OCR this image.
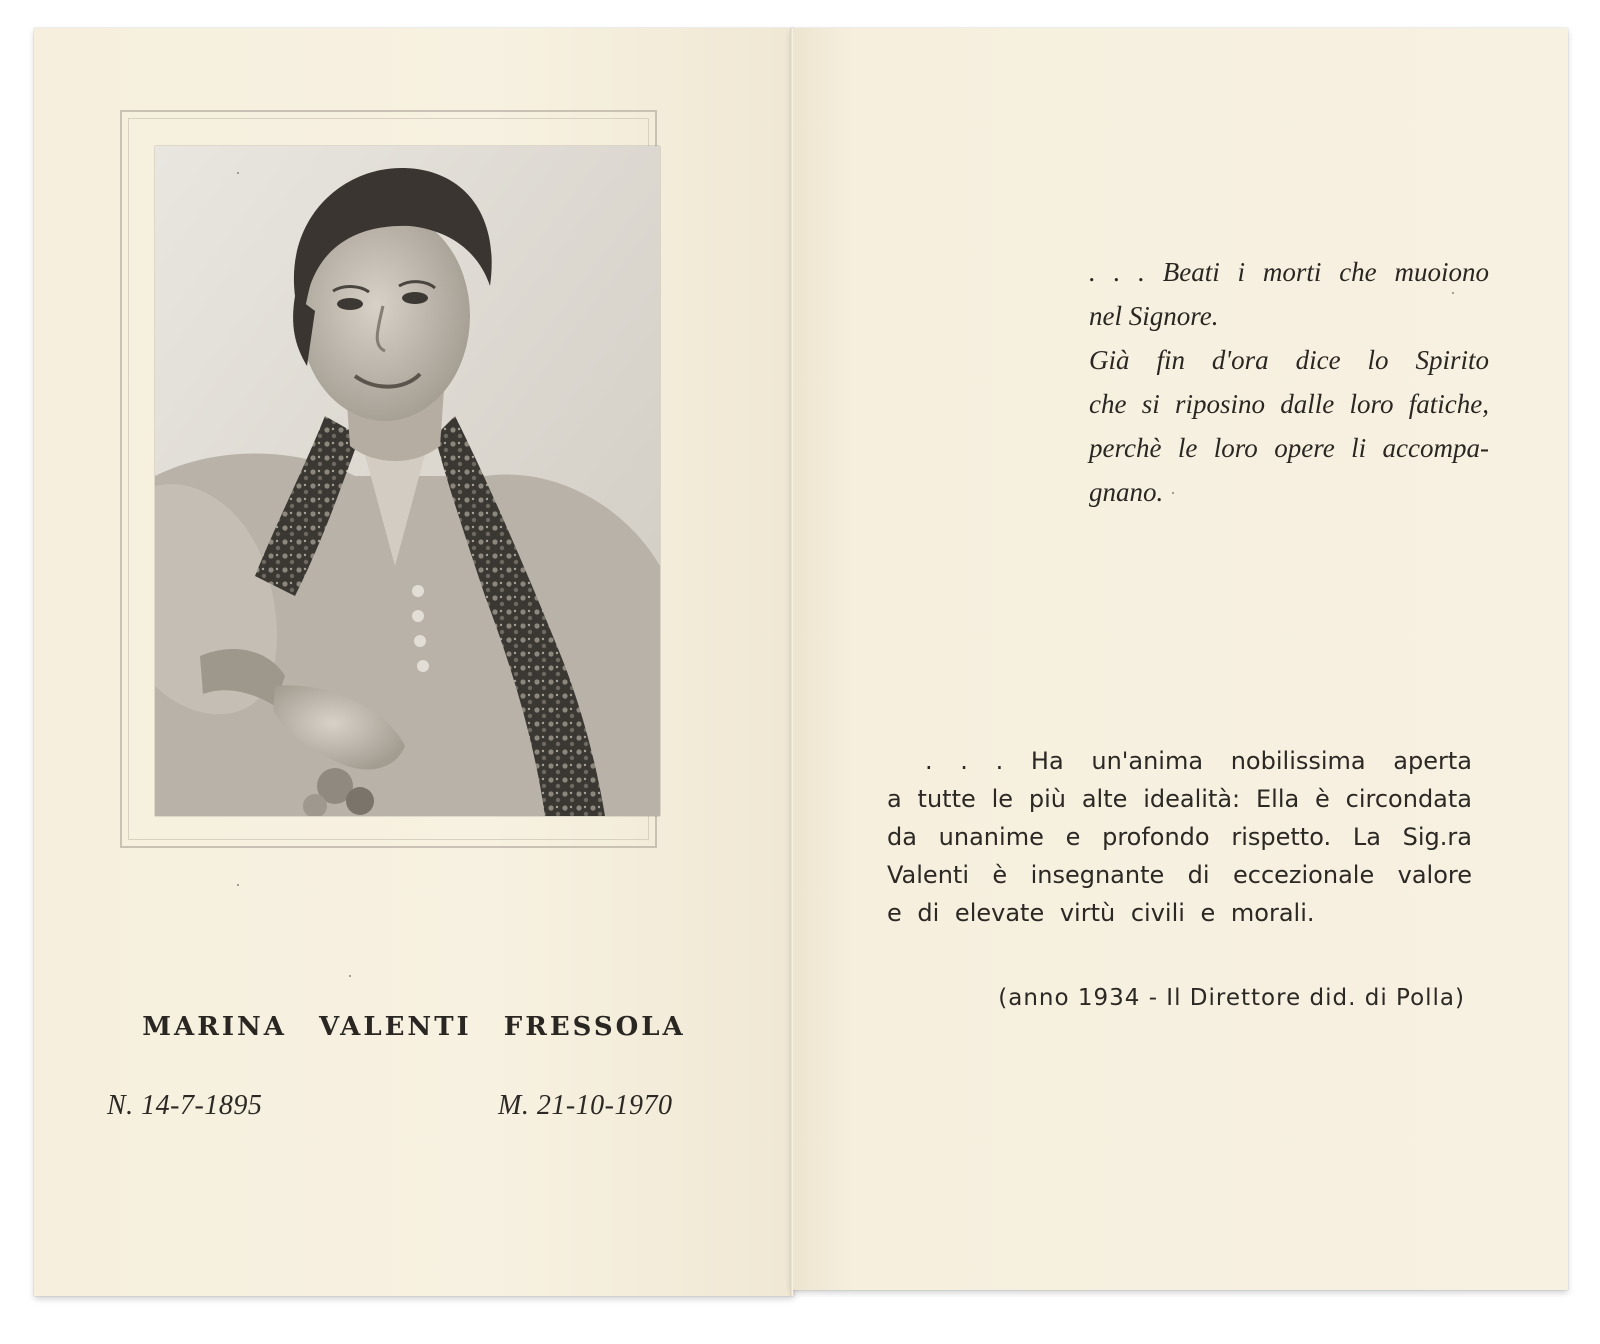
MARINA VALENTI FRESSOLA
N. 14-7-1895	M. 21-10-1970
. . . Beati i morti che muoiono
nel Signore.
Già fin d'ora dice lo Spirito
che si riposino dalle loro fatiche,
perchè le loro opere li accompa-
gnano.
. . . Ha un'anima nobilissima aperta
a tutte le più alte idealità: Ella è circondata
da unanime e profondo rispetto. La Sig.ra
Valenti è insegnante di eccezionale valore
e di elevate virtù civili e morali.
(anno 1934 - Il Direttore did. di Polla)
